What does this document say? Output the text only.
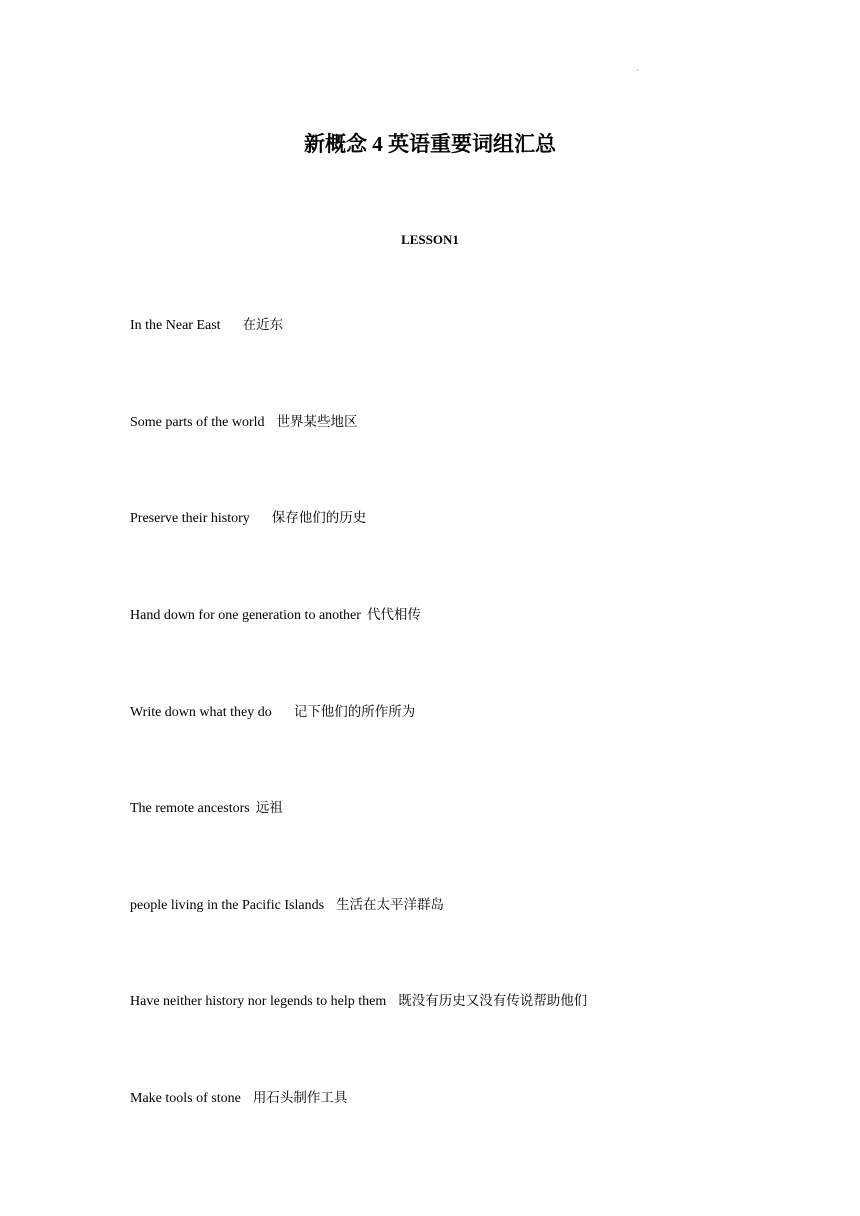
·
新概念 4 英语重要词组汇总
LESSON1
In the Near East 在近东
Some parts of the world 世界某些地区
Preserve their history 保存他们的历史
Hand down for one generation to another 代代相传
Write down what they do 记下他们的所作所为
The remote ancestors 远祖
people living in the Pacific Islands 生活在太平洋群岛
Have neither history nor legends to help them 既没有历史又没有传说帮助他们
Make tools of stone 用石头制作工具
